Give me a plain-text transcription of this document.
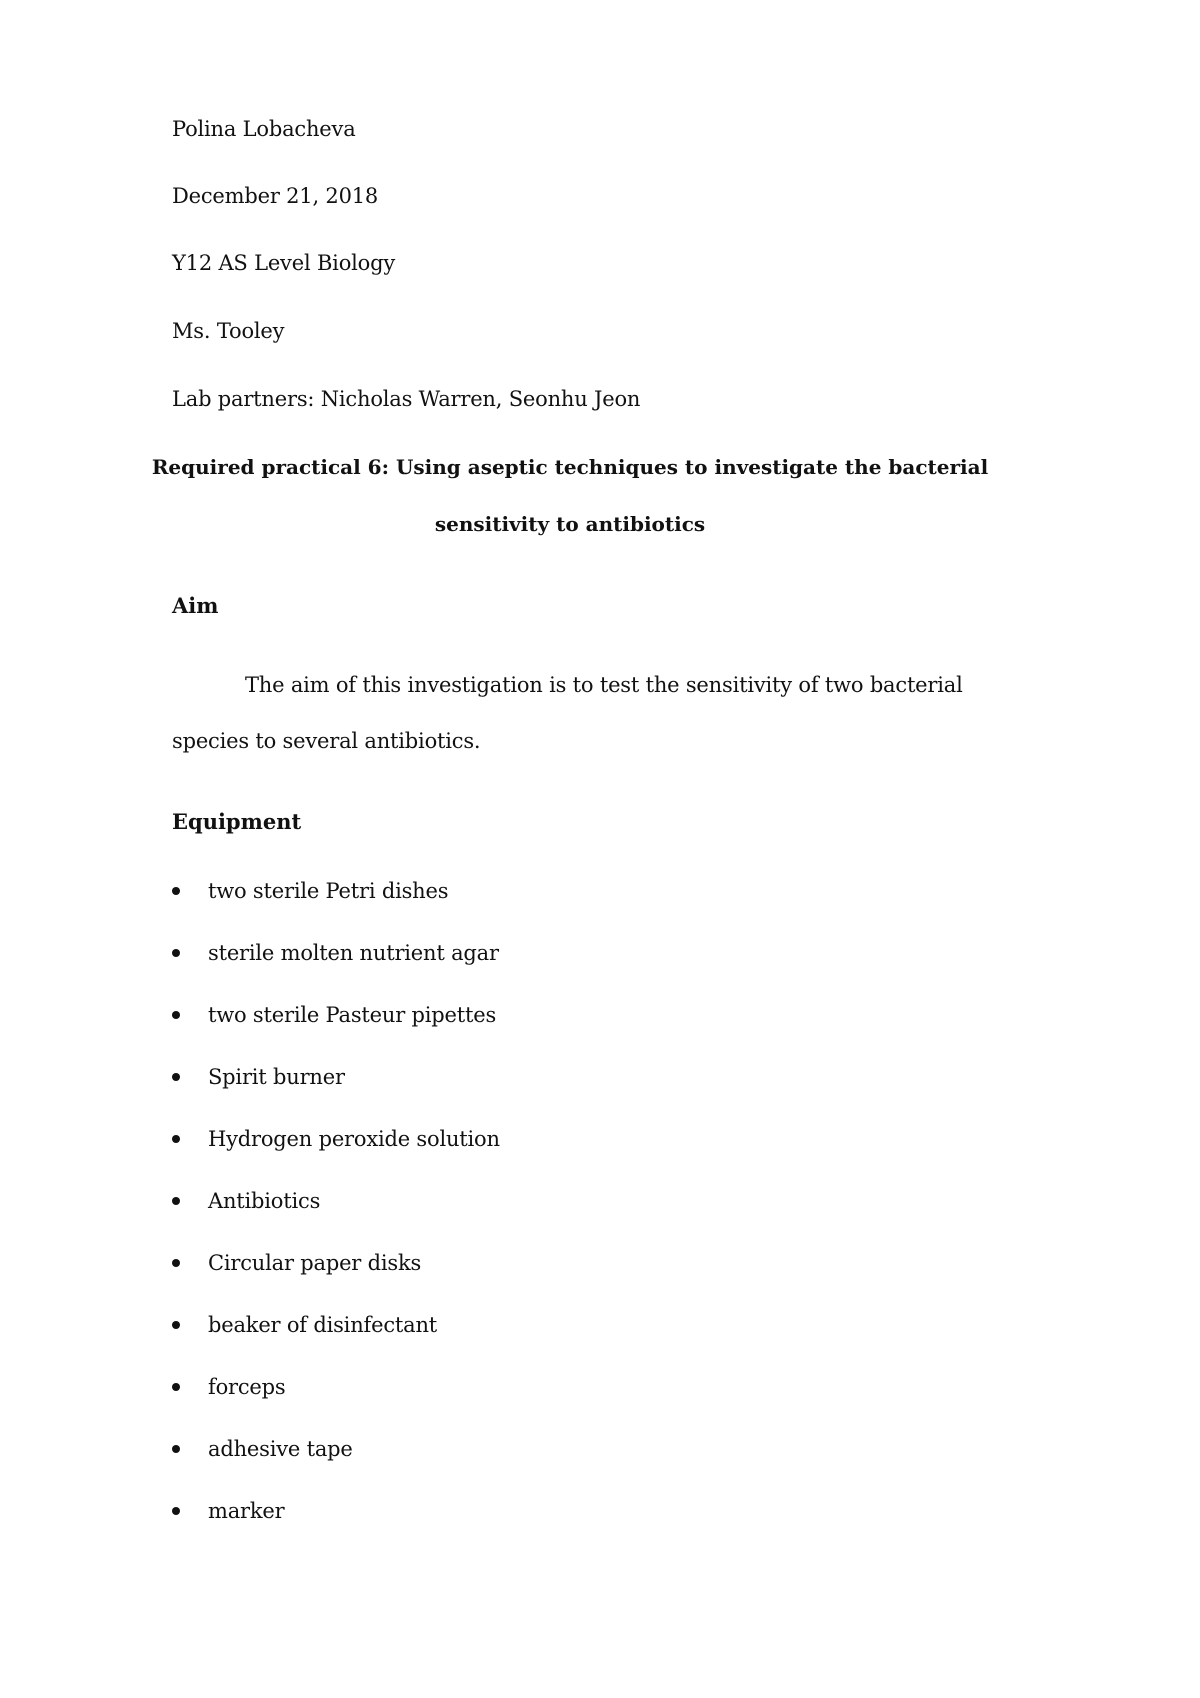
Polina Lobacheva
December 21, 2018
Y12 AS Level Biology
Ms. Tooley
Lab partners: Nicholas Warren, Seonhu Jeon
Required practical 6: Using aseptic techniques to investigate the bacterial
sensitivity to antibiotics
Aim
The aim of this investigation is to test the sensitivity of two bacterial
species to several antibiotics.
Equipment
two sterile Petri dishes
sterile molten nutrient agar
two sterile Pasteur pipettes
Spirit burner
Hydrogen peroxide solution
Antibiotics
Circular paper disks
beaker of disinfectant
forceps
adhesive tape
marker
